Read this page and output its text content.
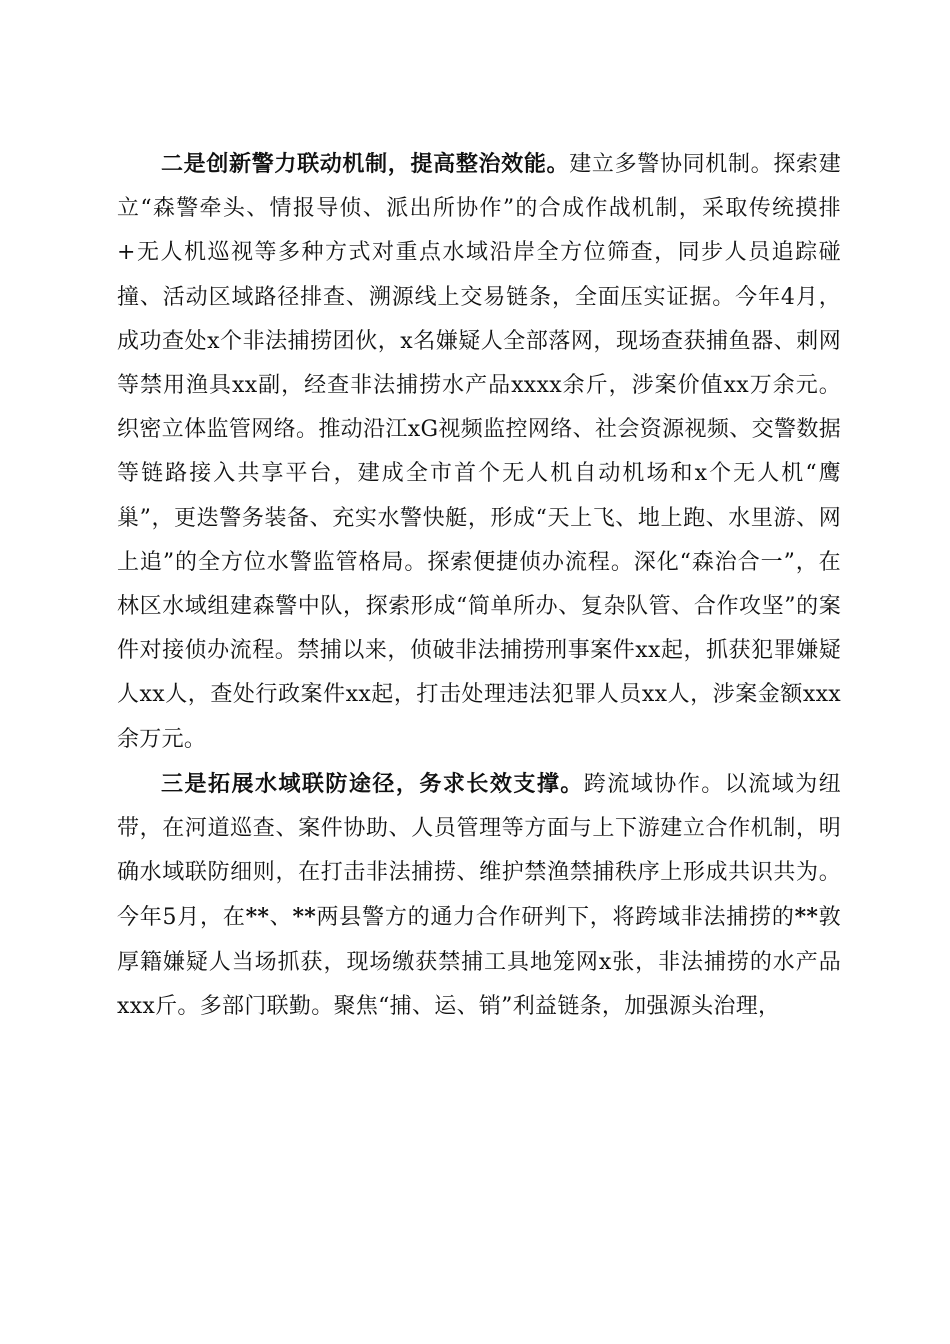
二是创新警力联动机制，提高整治效能。建立多警协同机制。探索建立“森警牵头、情报导侦、派出所协作”的合成作战机制，采取传统摸排+无人机巡视等多种方式对重点水域沿岸全方位筛查，同步人员追踪碰撞、活动区域路径排查、溯源线上交易链条，全面压实证据。今年4月，成功查处x个非法捕捞团伙，x名嫌疑人全部落网，现场查获捕鱼器、刺网等禁用渔具xx副，经查非法捕捞水产品xxxx余斤，涉案价值xx万余元。织密立体监管网络。推动沿江xG视频监控网络、社会资源视频、交警数据等链路接入共享平台，建成全市首个无人机自动机场和x个无人机“鹰巢”，更迭警务装备、充实水警快艇，形成“天上飞、地上跑、水里游、网上追”的全方位水警监管格局。探索便捷侦办流程。深化“森治合一”，在林区水域组建森警中队，探索形成“简单所办、复杂队管、合作攻坚”的案件对接侦办流程。禁捕以来，侦破非法捕捞刑事案件xx起，抓获犯罪嫌疑人xx人，查处行政案件xx起，打击处理违法犯罪人员xx人，涉案金额xxx余万元。

三是拓展水域联防途径，务求长效支撑。跨流域协作。以流域为纽带，在河道巡查、案件协助、人员管理等方面与上下游建立合作机制，明确水域联防细则，在打击非法捕捞、维护禁渔禁捕秩序上形成共识共为。今年5月，在**、**两县警方的通力合作研判下，将跨域非法捕捞的**敦厚籍嫌疑人当场抓获，现场缴获禁捕工具地笼网x张，非法捕捞的水产品xxx斤。多部门联勤。聚焦“捕、运、销”利益链条，加强源头治理，
